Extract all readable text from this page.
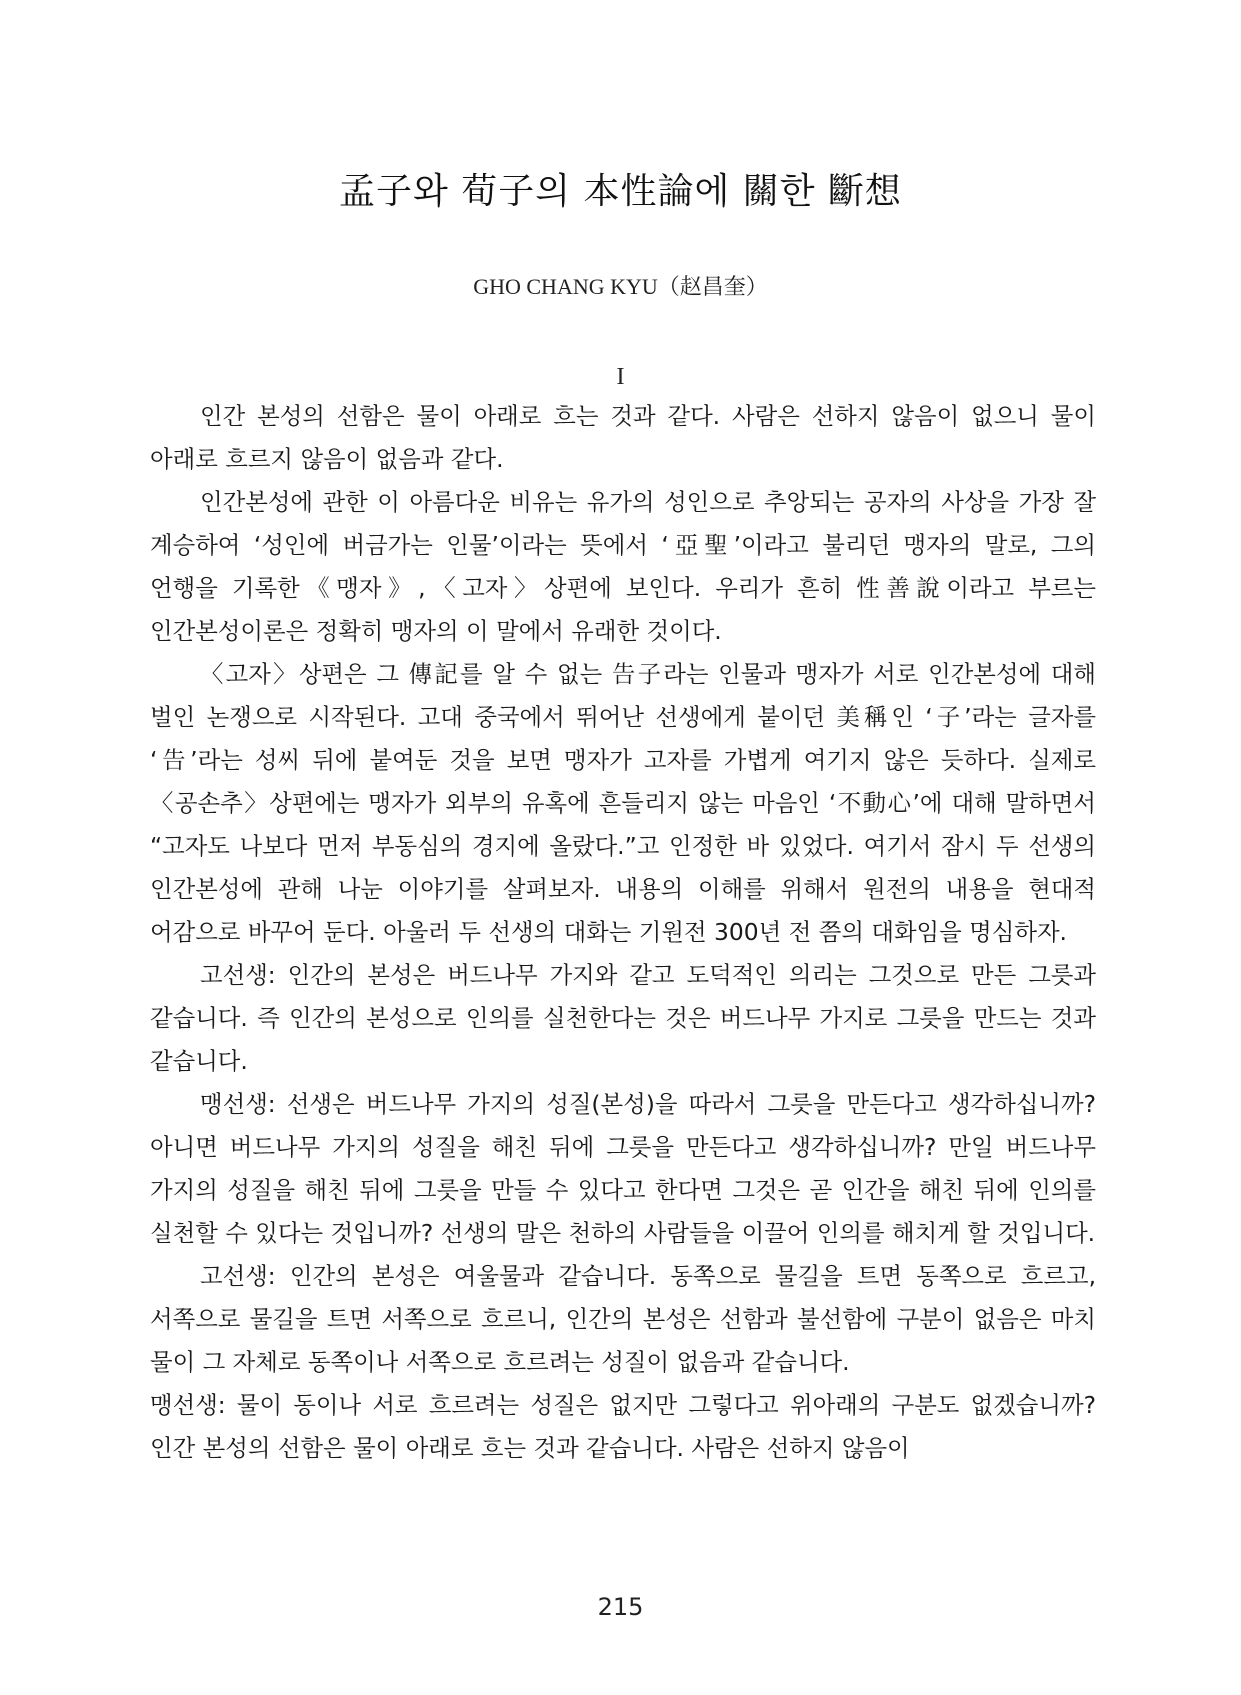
孟子와 荀子의 本性論에 關한 斷想
GHO CHANG KYU（赵昌奎）
I

인간 본성의 선함은 물이 아래로 흐는 것과 같다. 사람은 선하지 않음이 없으니 물이 아래로 흐르지 않음이 없음과 같다.

인간본성에 관한 이 아름다운 비유는 유가의 성인으로 추앙되는 공자의 사상을 가장 잘 계승하여 ‘성인에 버금가는 인물’이라는 뜻에서 ‘亞聖’이라고 불리던 맹자의 말로, 그의 언행을 기록한《맹자》,〈고자〉상편에 보인다. 우리가 흔히 性善說이라고 부르는 인간본성이론은 정확히 맹자의 이 말에서 유래한 것이다.

〈고자〉상편은 그 傳記를 알 수 없는 告子라는 인물과 맹자가 서로 인간본성에 대해 벌인 논쟁으로 시작된다. 고대 중국에서 뛰어난 선생에게 붙이던 美稱인 ‘子’라는 글자를 ‘告’라는 성씨 뒤에 붙여둔 것을 보면 맹자가 고자를 가볍게 여기지 않은 듯하다. 실제로〈공손추〉상편에는 맹자가 외부의 유혹에 흔들리지 않는 마음인 ‘不動心’에 대해 말하면서 “고자도 나보다 먼저 부동심의 경지에 올랐다.”고 인정한 바 있었다. 여기서 잠시 두 선생의 인간본성에 관해 나눈 이야기를 살펴보자. 내용의 이해를 위해서 원전의 내용을 현대적 어감으로 바꾸어 둔다. 아울러 두 선생의 대화는 기원전 300년 전 쯤의 대화임을 명심하자.

고선생: 인간의 본성은 버드나무 가지와 같고 도덕적인 의리는 그것으로 만든 그릇과 같습니다. 즉 인간의 본성으로 인의를 실천한다는 것은 버드나무 가지로 그릇을 만드는 것과 같습니다.

맹선생: 선생은 버드나무 가지의 성질(본성)을 따라서 그릇을 만든다고 생각하십니까? 아니면 버드나무 가지의 성질을 해친 뒤에 그릇을 만든다고 생각하십니까? 만일 버드나무 가지의 성질을 해친 뒤에 그릇을 만들 수 있다고 한다면 그것은 곧 인간을 해친 뒤에 인의를 실천할 수 있다는 것입니까? 선생의 말은 천하의 사람들을 이끌어 인의를 해치게 할 것입니다.

고선생: 인간의 본성은 여울물과 같습니다. 동쪽으로 물길을 트면 동쪽으로 흐르고, 서쪽으로 물길을 트면 서쪽으로 흐르니, 인간의 본성은 선함과 불선함에 구분이 없음은 마치 물이 그 자체로 동쪽이나 서쪽으로 흐르려는 성질이 없음과 같습니다.

맹선생: 물이 동이나 서로 흐르려는 성질은 없지만 그렇다고 위아래의 구분도 없겠습니까? 인간 본성의 선함은 물이 아래로 흐는 것과 같습니다. 사람은 선하지 않음이

215
